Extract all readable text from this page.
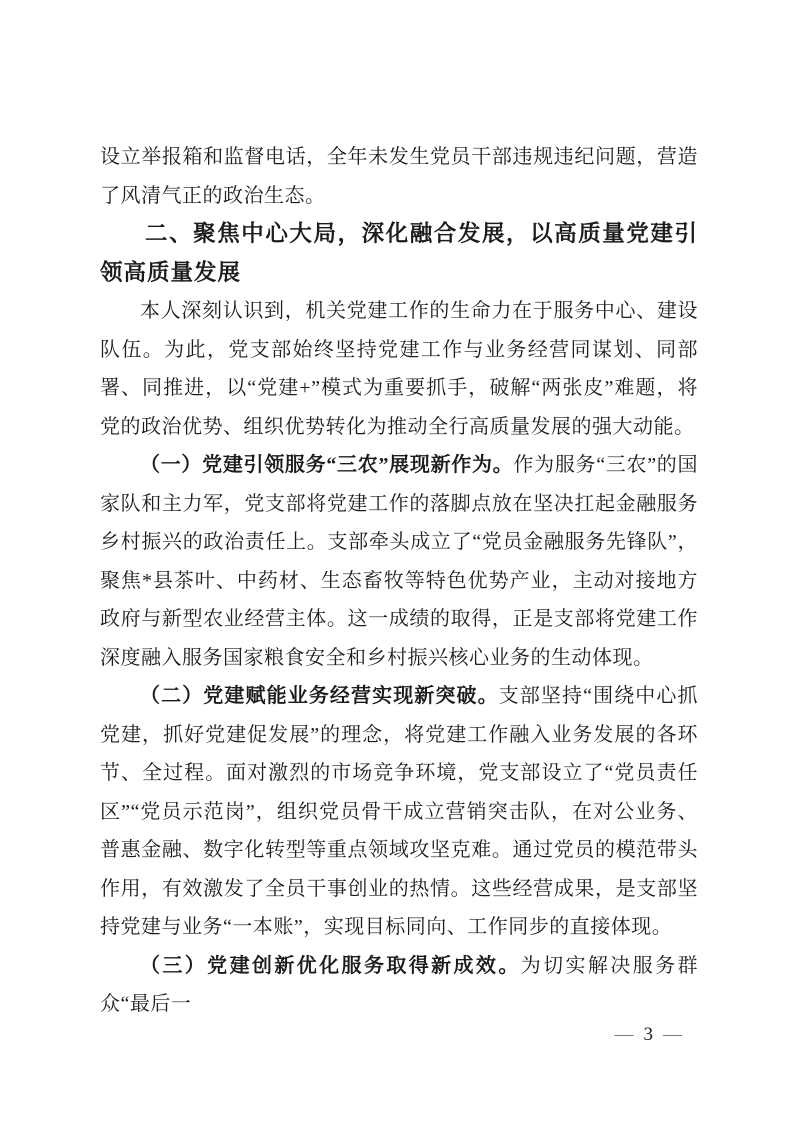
设立举报箱和监督电话，全年未发生党员干部违规违纪问题，营造了风清气正的政治生态。

二、聚焦中心大局，深化融合发展，以高质量党建引领高质量发展

本人深刻认识到，机关党建工作的生命力在于服务中心、建设队伍。为此，党支部始终坚持党建工作与业务经营同谋划、同部署、同推进，以“党建+”模式为重要抓手，破解“两张皮”难题，将党的政治优势、组织优势转化为推动全行高质量发展的强大动能。

（一）党建引领服务“三农”展现新作为。作为服务“三农”的国家队和主力军，党支部将党建工作的落脚点放在坚决扛起金融服务乡村振兴的政治责任上。支部牵头成立了“党员金融服务先锋队”，聚焦*县茶叶、中药材、生态畜牧等特色优势产业，主动对接地方政府与新型农业经营主体。这一成绩的取得，正是支部将党建工作深度融入服务国家粮食安全和乡村振兴核心业务的生动体现。

（二）党建赋能业务经营实现新突破。支部坚持“围绕中心抓党建，抓好党建促发展”的理念，将党建工作融入业务发展的各环节、全过程。面对激烈的市场竞争环境，党支部设立了“党员责任区”“党员示范岗”，组织党员骨干成立营销突击队，在对公业务、普惠金融、数字化转型等重点领域攻坚克难。通过党员的模范带头作用，有效激发了全员干事创业的热情。这些经营成果，是支部坚持党建与业务“一本账”，实现目标同向、工作同步的直接体现。

（三）党建创新优化服务取得新成效。为切实解决服务群众“最后一

— 3 —
